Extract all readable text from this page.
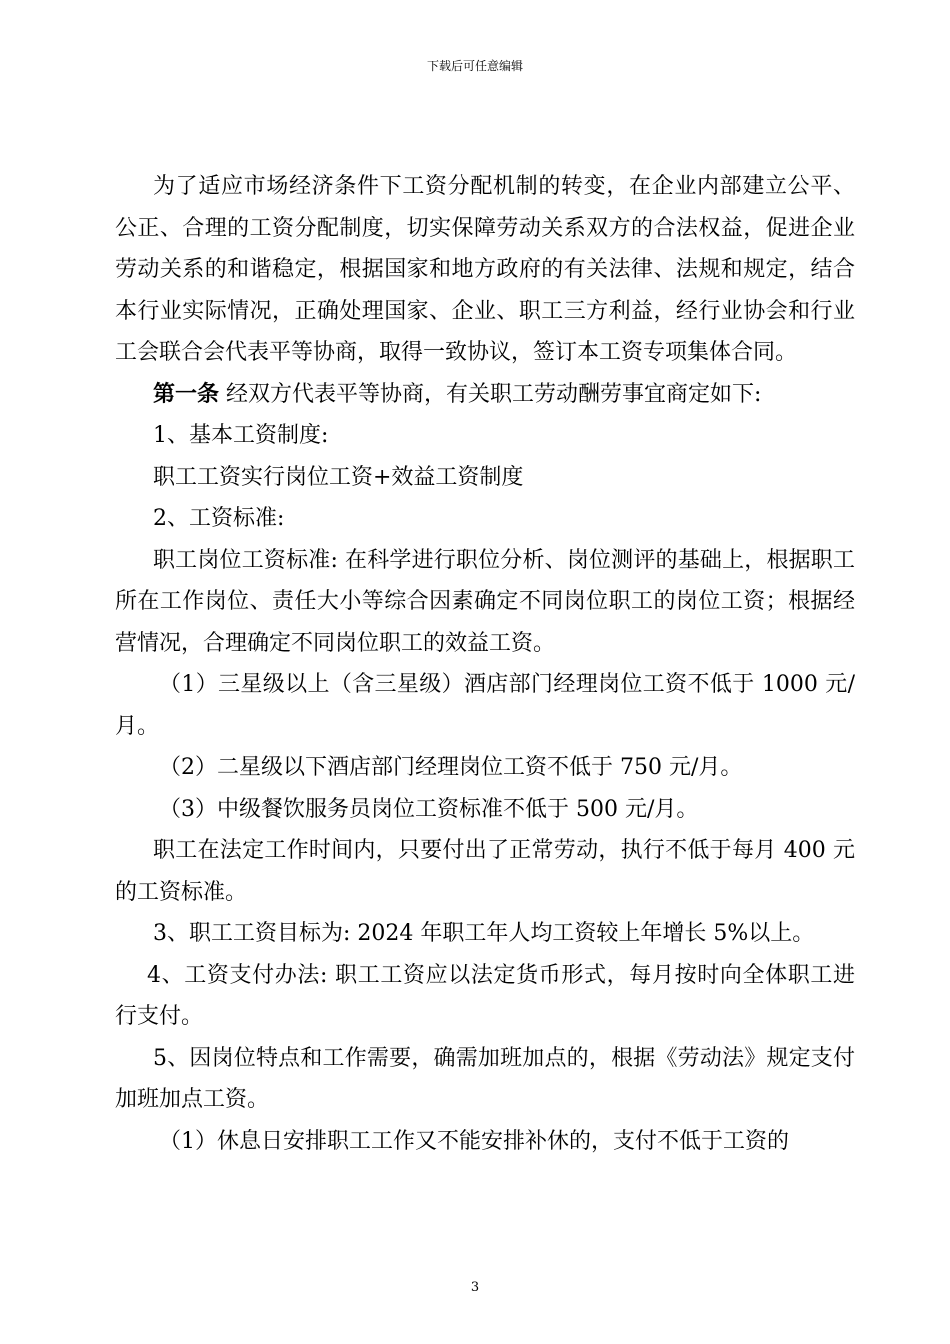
下载后可任意编辑

为了适应市场经济条件下工资分配机制的转变，在企业内部建立公平、公正、合理的工资分配制度，切实保障劳动关系双方的合法权益，促进企业劳动关系的和谐稳定，根据国家和地方政府的有关法律、法规和规定，结合本行业实际情况，正确处理国家、企业、职工三方利益，经行业协会和行业工会联合会代表平等协商，取得一致协议，签订本工资专项集体合同。

第一条 经双方代表平等协商，有关职工劳动酬劳事宜商定如下:

1、基本工资制度:

职工工资实行岗位工资+效益工资制度

2、工资标准:

职工岗位工资标准: 在科学进行职位分析、岗位测评的基础上，根据职工所在工作岗位、责任大小等综合因素确定不同岗位职工的岗位工资；根据经营情况，合理确定不同岗位职工的效益工资。

（1）三星级以上（含三星级）酒店部门经理岗位工资不低于 1000 元/月。

（2）二星级以下酒店部门经理岗位工资不低于 750 元/月。

（3）中级餐饮服务员岗位工资标准不低于 500 元/月。

职工在法定工作时间内，只要付出了正常劳动，执行不低于每月 400 元的工资标准。

3、职工工资目标为: 2024 年职工年人均工资较上年增长 5%以上。

4、工资支付办法: 职工工资应以法定货币形式，每月按时向全体职工进行支付。

5、因岗位特点和工作需要，确需加班加点的，根据《劳动法》规定支付加班加点工资。

（1）休息日安排职工工作又不能安排补休的，支付不低于工资的

3
